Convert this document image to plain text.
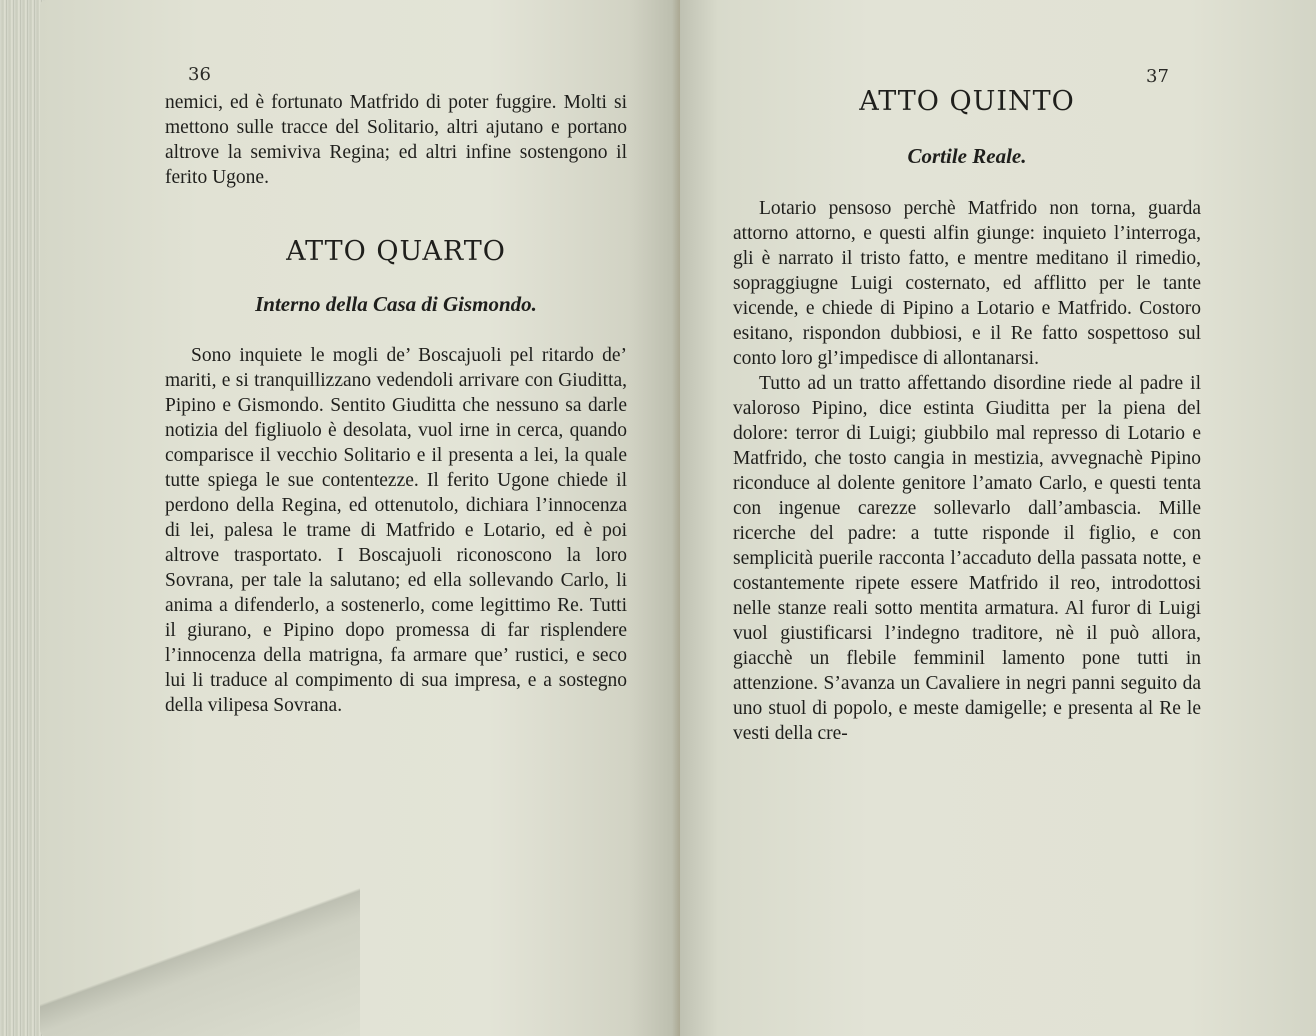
36

nemici, ed è fortunato Matfrido di poter fuggire. Molti si mettono sulle tracce del Solitario, altri ajutano e portano altrove la semiviva Regina; ed altri infine sostengono il ferito Ugone.

ATTO QUARTO
Interno della Casa di Gismondo.

Sono inquiete le mogli de’ Boscajuoli pel ritardo de’ mariti, e si tranquillizzano vedendoli arrivare con Giuditta, Pipino e Gismondo. Sentito Giuditta che nessuno sa darle notizia del figliuolo è desolata, vuol irne in cerca, quando comparisce il vecchio Solitario e il presenta a lei, la quale tutte spiega le sue contentezze. Il ferito Ugone chiede il perdono della Regina, ed ottenutolo, dichiara l’innocenza di lei, palesa le trame di Matfrido e Lotario, ed è poi altrove trasportato. I Boscajuoli riconoscono la loro Sovrana, per tale la salutano; ed ella sollevando Carlo, li anima a difenderlo, a sostenerlo, come legittimo Re. Tutti il giurano, e Pipino dopo promessa di far risplendere l’innocenza della matrigna, fa armare que’ rustici, e seco lui li traduce al compimento di sua impresa, e a sostegno della vilipesa Sovrana.

37
ATTO QUINTO
Cortile Reale.

Lotario pensoso perchè Matfrido non torna, guarda attorno attorno, e questi alfin giunge: inquieto l’interroga, gli è narrato il tristo fatto, e mentre meditano il rimedio, sopraggiugne Luigi costernato, ed afflitto per le tante vicende, e chiede di Pipino a Lotario e Matfrido. Costoro esitano, rispondon dubbiosi, e il Re fatto sospettoso sul conto loro gl’impedisce di allontanarsi.

Tutto ad un tratto affettando disordine riede al padre il valoroso Pipino, dice estinta Giuditta per la piena del dolore: terror di Luigi; giubbilo mal represso di Lotario e Matfrido, che tosto cangia in mestizia, avvegnachè Pipino riconduce al dolente genitore l’amato Carlo, e questi tenta con ingenue carezze sollevarlo dall’ambascia. Mille ricerche del padre: a tutte risponde il figlio, e con semplicità puerile racconta l’accaduto della passata notte, e costantemente ripete essere Matfrido il reo, introdottosi nelle stanze reali sotto mentita armatura. Al furor di Luigi vuol giustificarsi l’indegno traditore, nè il può allora, giacchè un flebile femminil lamento pone tutti in attenzione. S’avanza un Cavaliere in negri panni seguito da uno stuol di popolo, e meste damigelle; e presenta al Re le vesti della cre-
